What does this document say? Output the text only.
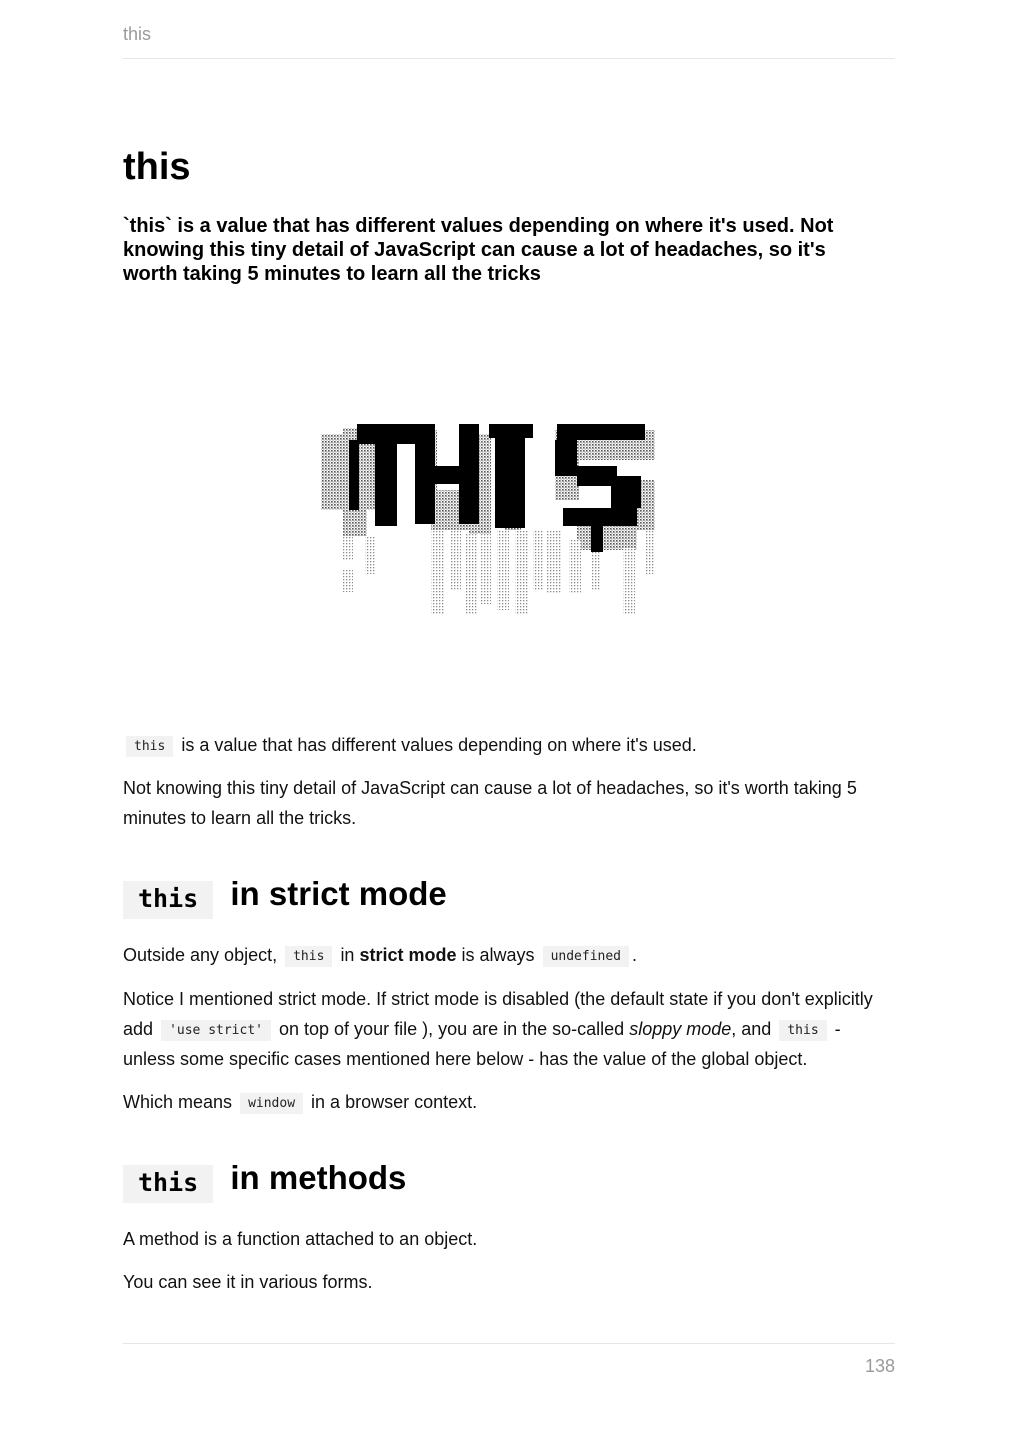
this
this

`this` is a value that has different values depending on where it's used. Not knowing this tiny detail of JavaScript can cause a lot of headaches, so it's worth taking 5 minutes to learn all the tricks

this is a value that has different values depending on where it's used.

Not knowing this tiny detail of JavaScript can cause a lot of headaches, so it's worth taking 5 minutes to learn all the tricks.

this in strict mode

Outside any object, this in strict mode is always undefined .

Notice I mentioned strict mode. If strict mode is disabled (the default state if you don't explicitly add 'use strict' on top of your file ), you are in the so-called sloppy mode, and this - unless some specific cases mentioned here below - has the value of the global object.

Which means window in a browser context.

this in methods

A method is a function attached to an object.

You can see it in various forms.

138
